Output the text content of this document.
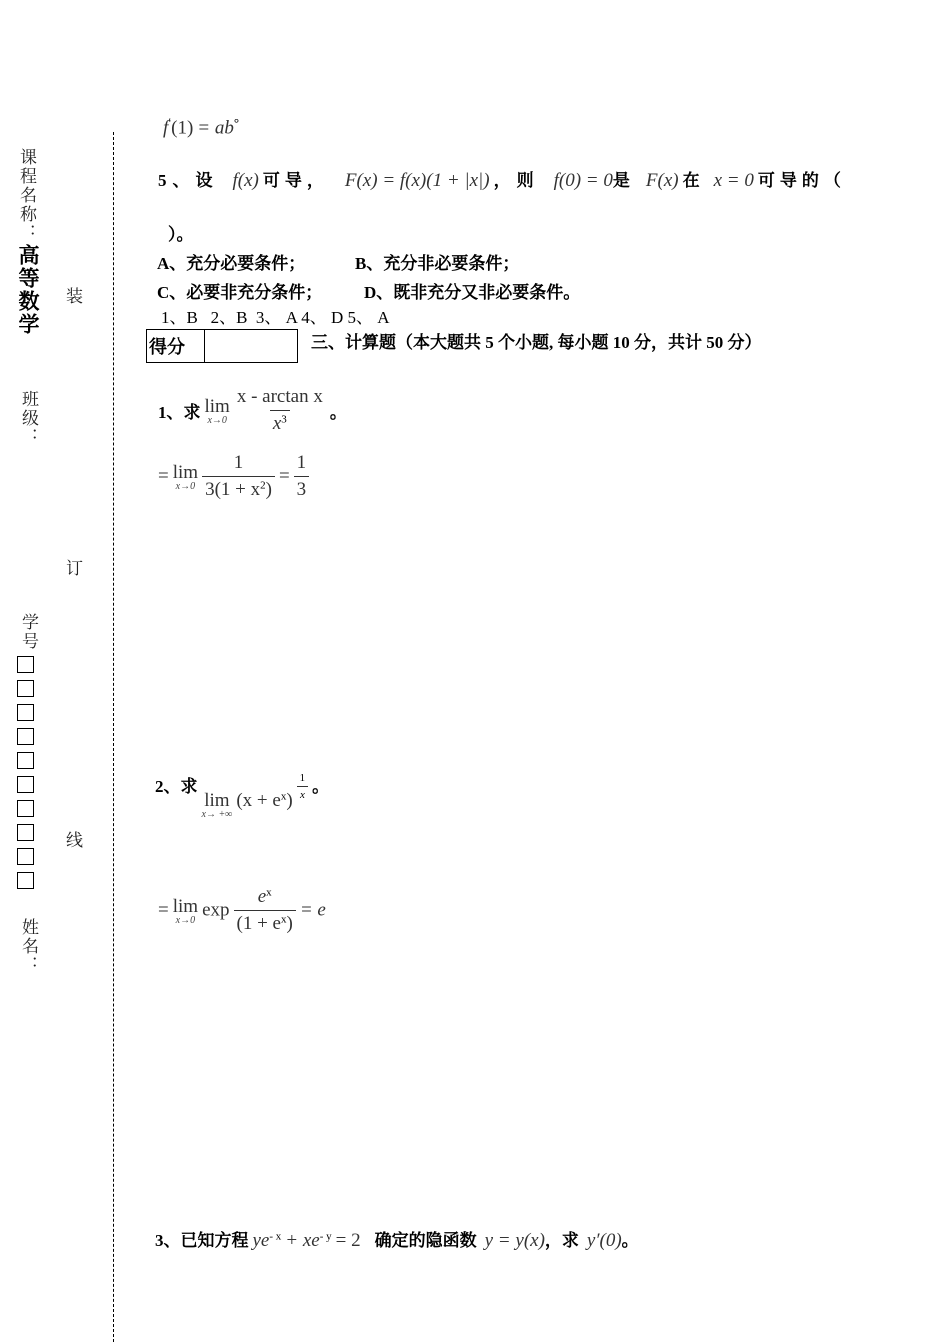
课程名称：
高等数学
班级：
学号
姓名：
装
订
线
f′(1) = ab°
5、设 f(x) 可导， F(x) = f(x)(1 + |x|) ，则 f(0) = 0是 F(x) 在 x = 0 可导的（
）。
A、充分必要条件；	B、充分非必要条件；
C、必要非充分条件； D、既非充分又非必要条件。
1、B   2、B  3、 A 4、 D 5、 A
得分		三、计算题（本大题共 5 个小题, 每小题 10 分，共计 50 分）
1、求 lim
x→0
$\frac{\text{x - arctan x}}{x^3}$ 。
= lim
x→0
$\frac{1}{3(1 + x^2)} = \frac{1}{3}$
2、求
lim
x→ +∞
$(x + e^x) \frac{1}{x}$ 。
= lim
x→0 $\exp \frac{e^x}{(1 + e^x)} = e$
3、已知方程 $ye^{- x} + xe^{- y} = 2$ 确定的隐函数 y = y(x)，求 y′(0)。
